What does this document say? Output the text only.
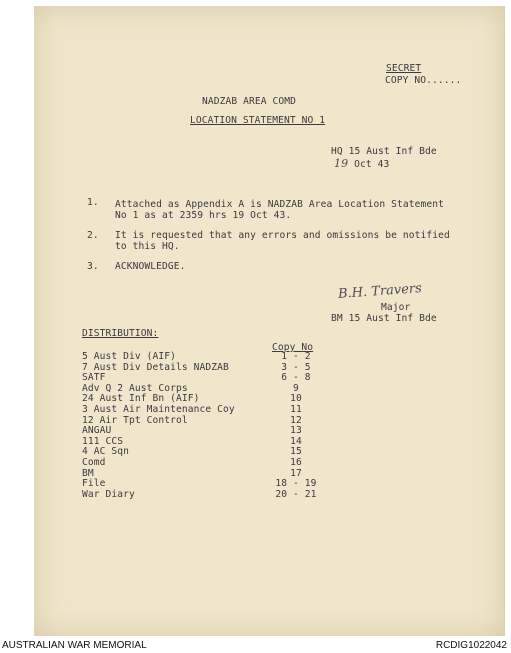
SECRET
COPY NO......
NADZAB AREA COMD
LOCATION STATEMENT NO 1
HQ 15 Aust Inf Bde
19 Oct 43
1. Attached as Appendix A is NADZAB Area Location Statement
No 1 as at 2359 hrs 19 Oct 43.
2. It is requested that any errors and omissions be notified
to this HQ.
3. ACKNOWLEDGE.
B.H. Travers
Major
BM 15 Aust Inf Bde
DISTRIBUTION:
Copy No
5 Aust Div (AIF)	1 - 2
7 Aust Div Details NADZAB	3 - 5
SATF	6 - 8
Adv Q 2 Aust Corps	9
24 Aust Inf Bn (AIF)	10
3 Aust Air Maintenance Coy	11
12 Air Tpt Control	12
ANGAU	13
111 CCS	14
4 AC Sqn	15
Comd	16
BM	17
File	18 - 19
War Diary	20 - 21
AUSTRALIAN WAR MEMORIAL	RCDIG1022042
